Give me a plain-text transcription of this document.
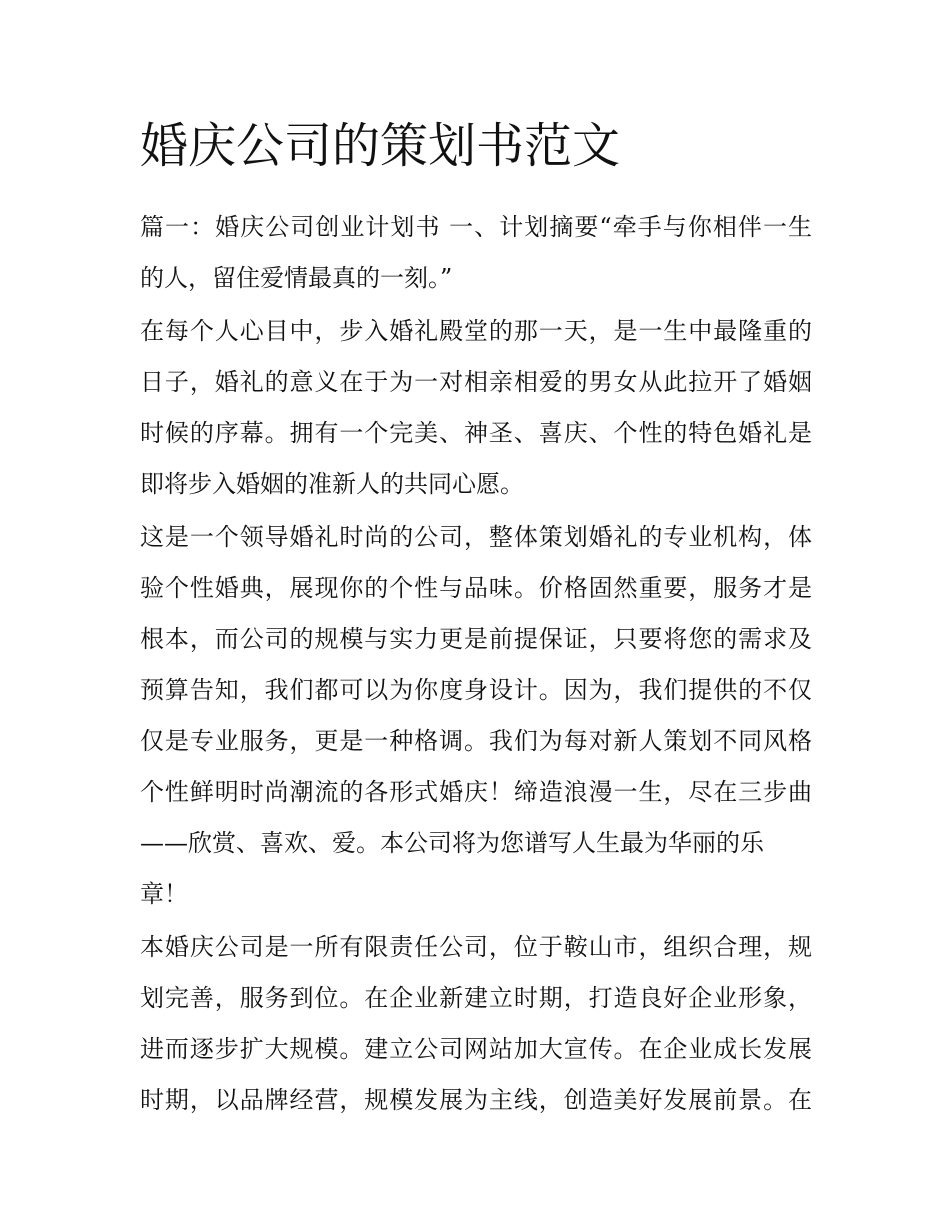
婚庆公司的策划书范文
篇一：婚庆公司创业计划书 一、计划摘要“牵手与你相伴一生
的人，留住爱情最真的一刻。”
在每个人心目中，步入婚礼殿堂的那一天，是一生中最隆重的
日子，婚礼的意义在于为一对相亲相爱的男女从此拉开了婚姻
时候的序幕。拥有一个完美、神圣、喜庆、个性的特色婚礼是
即将步入婚姻的准新人的共同心愿。
这是一个领导婚礼时尚的公司，整体策划婚礼的专业机构，体
验个性婚典，展现你的个性与品味。价格固然重要，服务才是
根本，而公司的规模与实力更是前提保证，只要将您的需求及
预算告知，我们都可以为你度身设计。因为，我们提供的不仅
仅是专业服务，更是一种格调。我们为每对新人策划不同风格
个性鲜明时尚潮流的各形式婚庆！缔造浪漫一生，尽在三步曲
——欣赏、喜欢、爱。本公司将为您谱写人生最为华丽的乐
章！
本婚庆公司是一所有限责任公司，位于鞍山市，组织合理，规
划完善，服务到位。在企业新建立时期，打造良好企业形象，
进而逐步扩大规模。建立公司网站加大宣传。在企业成长发展
时期，以品牌经营，规模发展为主线，创造美好发展前景。在
